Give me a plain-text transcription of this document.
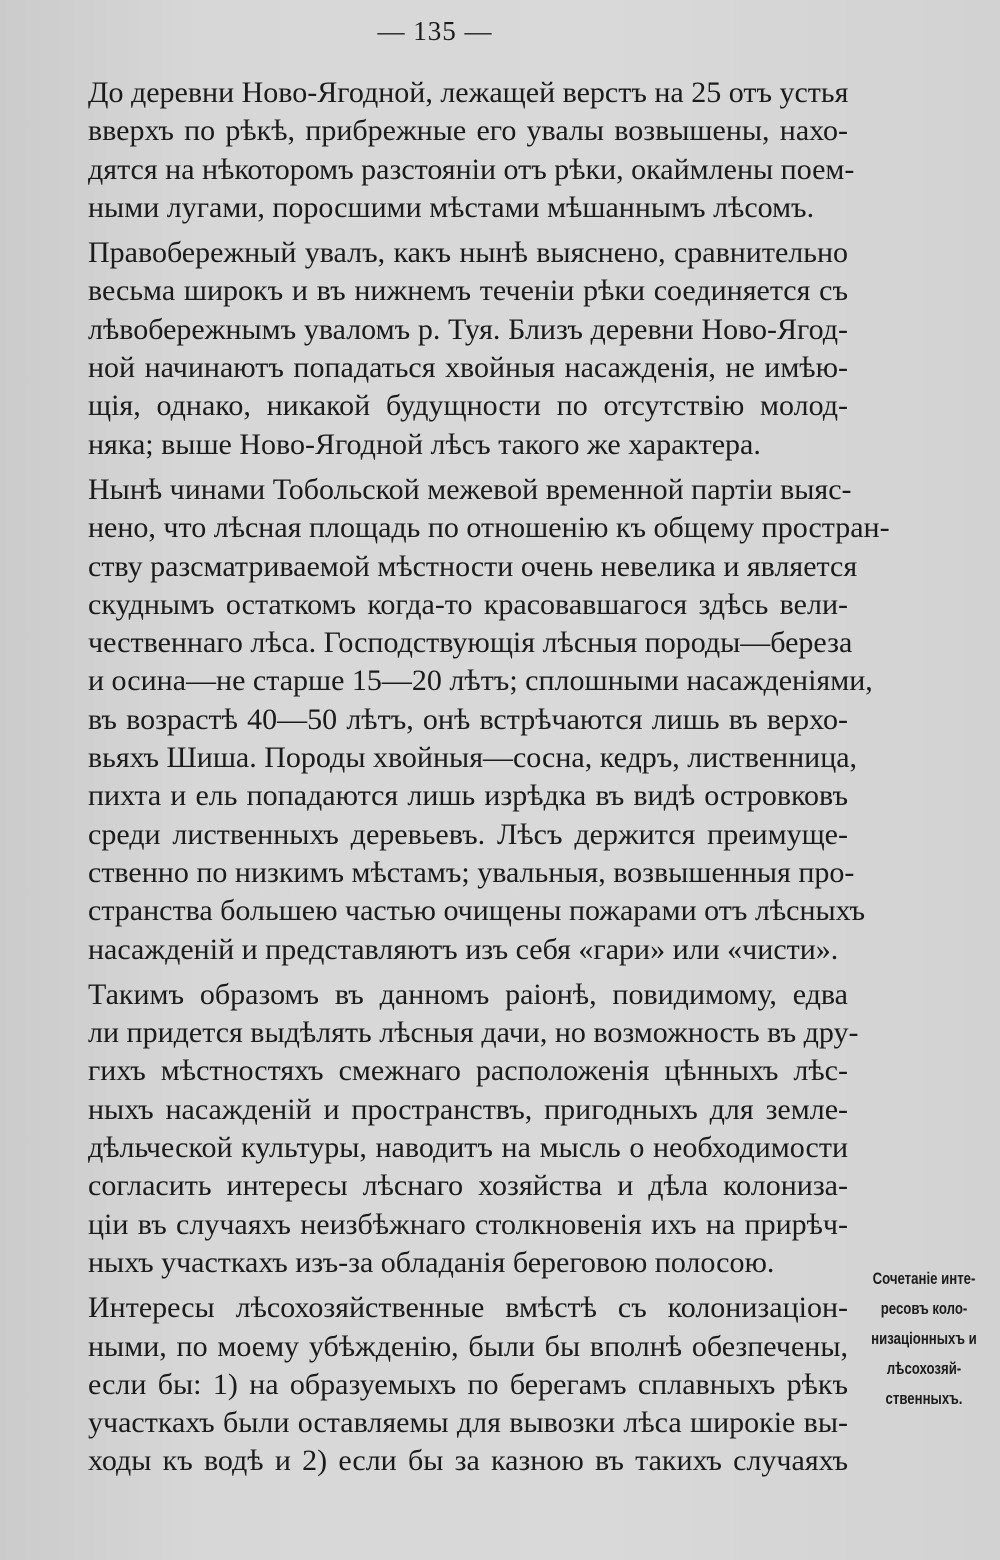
— 135 —

До деревни Ново-Ягодной, лежащей верстъ на 25 отъ устья
вверхъ по рѣкѣ, прибрежные его увалы возвышены, нахо-
дятся на нѣкоторомъ разстояніи отъ рѣки, окаймлены поем-
ными лугами, поросшими мѣстами мѣшаннымъ лѣсомъ.

Правобережный увалъ, какъ нынѣ выяснено, сравнительно
весьма широкъ и въ нижнемъ теченіи рѣки соединяется съ
лѣвобережнымъ уваломъ р. Туя. Близъ деревни Ново-Ягод-
ной начинаютъ попадаться хвойныя насажденія, не имѣю-
щія, однако, никакой будущности по отсутствію молод-
няка; выше Ново-Ягодной лѣсъ такого же характера.

Нынѣ чинами Тобольской межевой временной партіи выяс-
нено, что лѣсная площадь по отношенію къ общему простран-
ству разсматриваемой мѣстности очень невелика и является
скуднымъ остаткомъ когда-то красовавшагося здѣсь вели-
чественнаго лѣса. Господствующія лѣсныя породы—береза
и осина—не старше 15—20 лѣтъ; сплошными насажденіями,
въ возрастѣ 40—50 лѣтъ, онѣ встрѣчаются лишь въ верхо-
вьяхъ Шиша. Породы хвойныя—сосна, кедръ, лиственница,
пихта и ель попадаются лишь изрѣдка въ видѣ островковъ
среди лиственныхъ деревьевъ. Лѣсъ держится преимуще-
ственно по низкимъ мѣстамъ; увальныя, возвышенныя про-
странства большею частью очищены пожарами отъ лѣсныхъ
насажденій и представляютъ изъ себя «гари» или «чисти».

Такимъ образомъ въ данномъ раіонѣ, повидимому, едва
ли придется выдѣлять лѣсныя дачи, но возможность въ дру-
гихъ мѣстностяхъ смежнаго расположенія цѣнныхъ лѣс-
ныхъ насажденій и пространствъ, пригодныхъ для земле-
дѣльческой культуры, наводитъ на мысль о необходимости
согласить интересы лѣснаго хозяйства и дѣла колониза-
ціи въ случаяхъ неизбѣжнаго столкновенія ихъ на прирѣч-
ныхъ участкахъ изъ-за обладанія береговою полосою.

Интересы лѣсохозяйственные вмѣстѣ съ колонизаціон-
ными, по моему убѣжденію, были бы вполнѣ обезпечены,
если бы: 1) на образуемыхъ по берегамъ сплавныхъ рѣкъ
участкахъ были оставляемы для вывозки лѣса широкіе вы-
ходы къ водѣ и 2) если бы за казною въ такихъ случаяхъ

Сочетаніе инте-
ресовъ коло-
низаціонныхъ и
лѣсохозяй-
ственныхъ.
